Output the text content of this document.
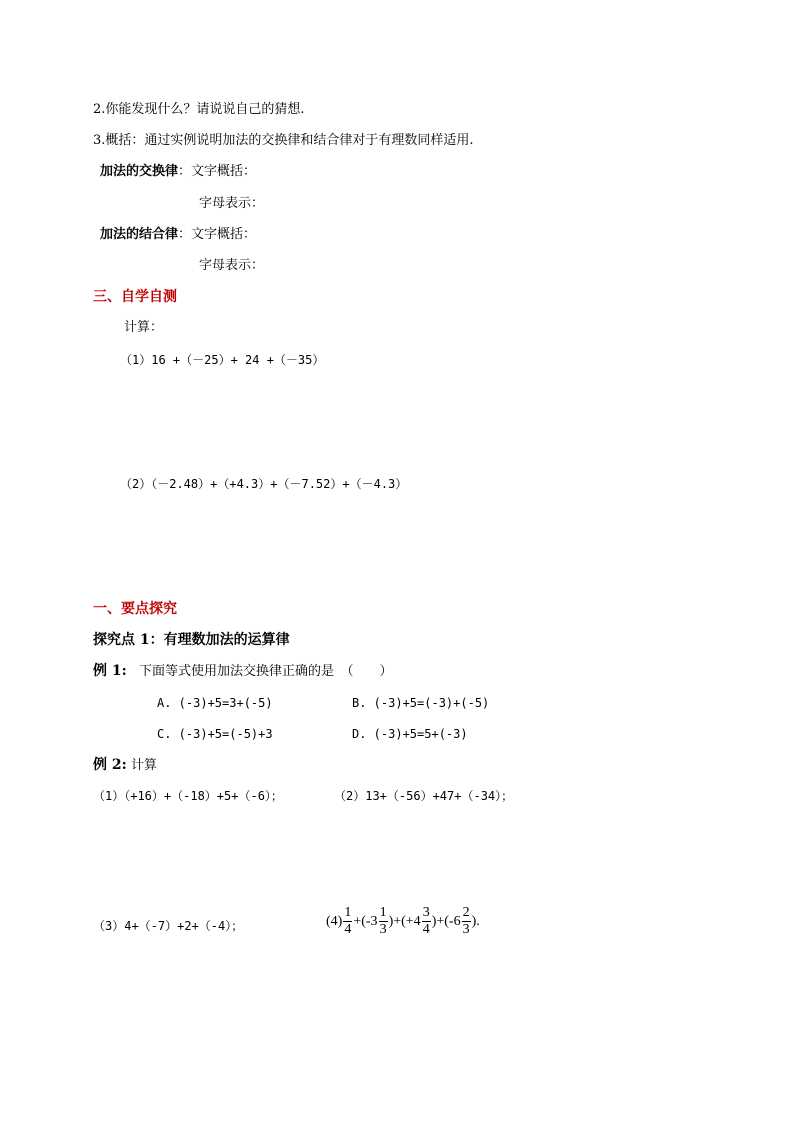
2.你能发现什么？请说说自己的猜想.
3.概括：通过实例说明加法的交换律和结合律对于有理数同样适用.
加法的交换律：文字概括：
字母表示：
加法的结合律：文字概括：
字母表示：
三、自学自测
计算：
（1）16 +（－25）+ 24 +（－35）
（2）（－2.48）+（+4.3）+（－7.52）+（－4.3）
一、要点探究
探究点 1：有理数加法的运算律
例 1: 下面等式使用加法交换律正确的是　（　　）
A. (-3)+5=3+(-5)	B. (-3)+5=(-3)+(-5)
C. (-3)+5=(-5)+3	D. (-3)+5=5+(-3)
例 2: 计算
（1）（+16）+（-18）+5+（-6）；	（2）13+（-56）+47+（-34）；
（3）4+（-7）+2+（-4）；	$(4) \frac{1}{4} +(-3 \frac{1}{3} )+(+4 \frac{3}{4} )+(-6 \frac{2}{3}$ ).
